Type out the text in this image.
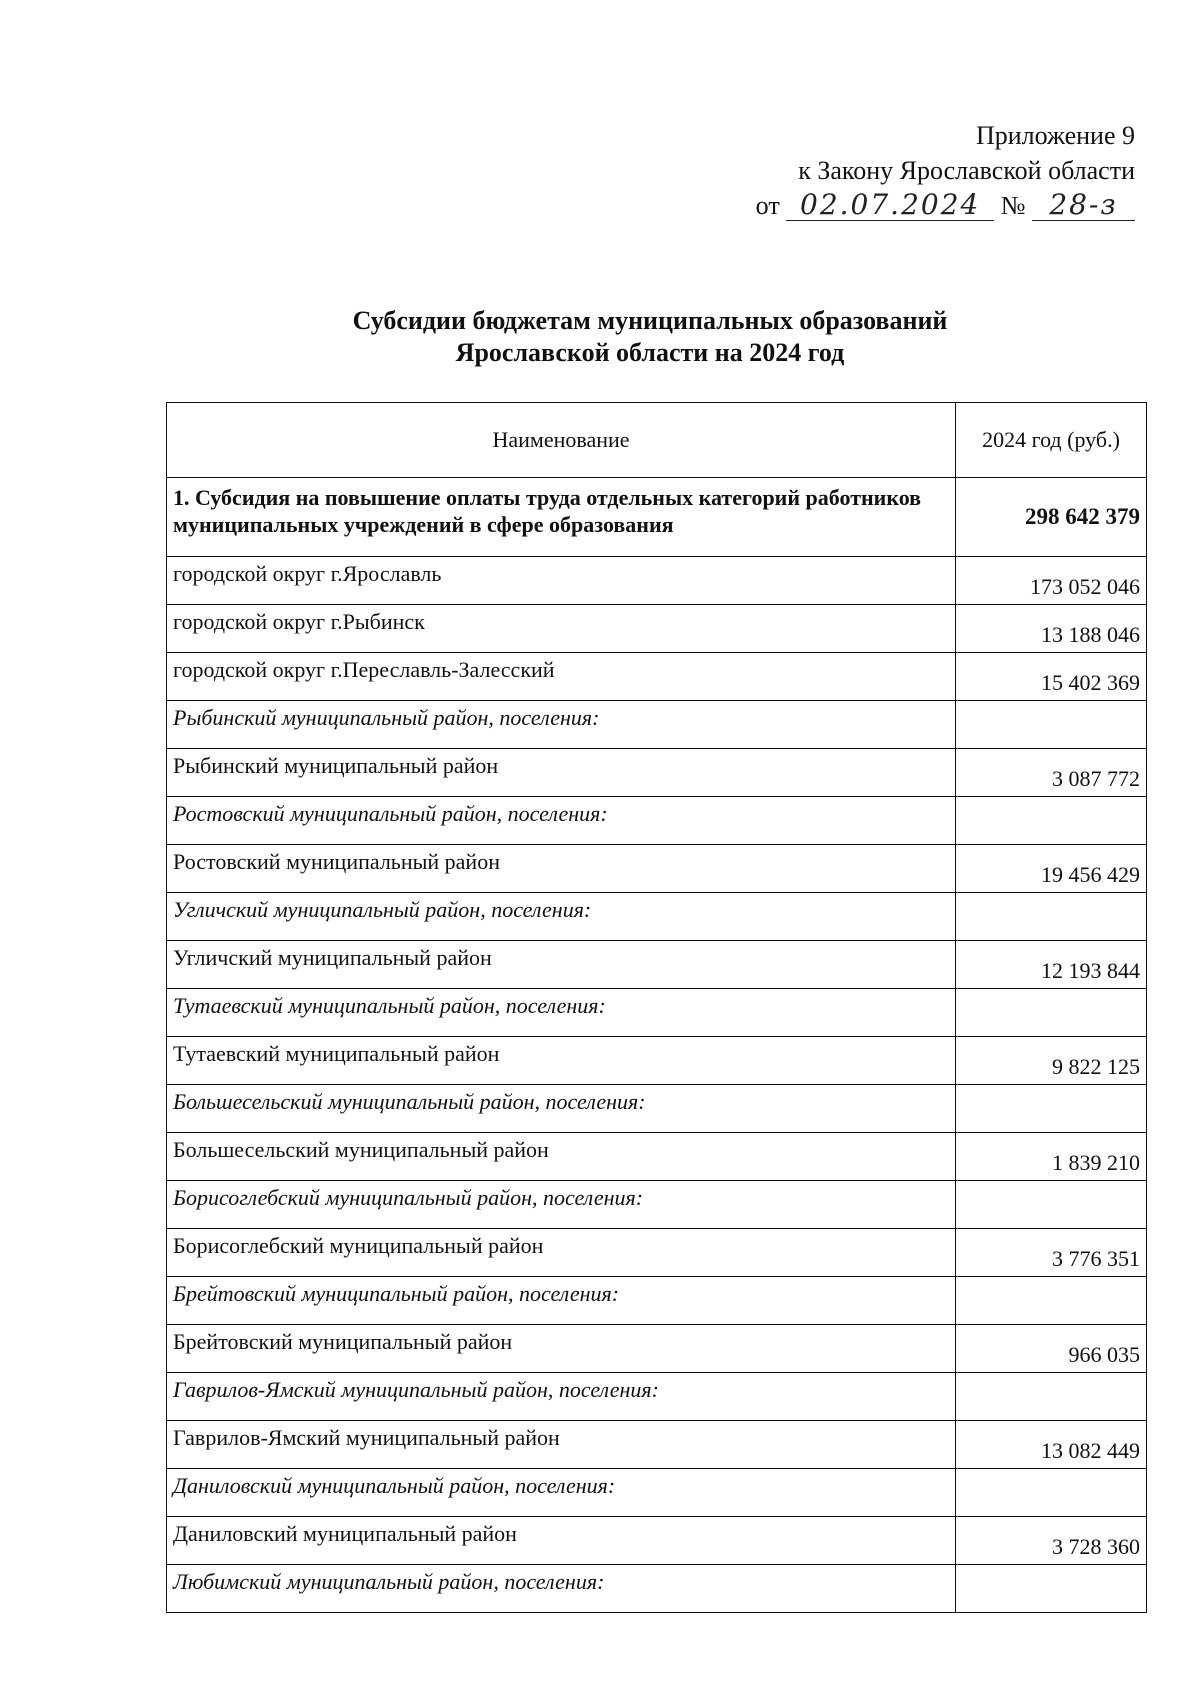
Приложение 9
к Закону Ярославской области
от 02.07.2024 № 28-з
Субсидии бюджетам муниципальных образований
Ярославской области на 2024 год
Наименование	2024 год (руб.)
1. Субсидия на повышение оплаты труда отдельных категорий работников муниципальных учреждений в сфере образования	298 642 379
городской округ г.Ярославль	173 052 046
городской округ г.Рыбинск	13 188 046
городской округ г.Переславль-Залесский	15 402 369
Рыбинский муниципальный район, поселения:	
Рыбинский муниципальный район	3 087 772
Ростовский муниципальный район, поселения:	
Ростовский муниципальный район	19 456 429
Угличский муниципальный район, поселения:	
Угличский муниципальный район	12 193 844
Тутаевский муниципальный район, поселения:	
Тутаевский муниципальный район	9 822 125
Большесельский муниципальный район, поселения:	
Большесельский муниципальный район	1 839 210
Борисоглебский муниципальный район, поселения:	
Борисоглебский муниципальный район	3 776 351
Брейтовский муниципальный район, поселения:	
Брейтовский муниципальный район	966 035
Гаврилов-Ямский муниципальный район, поселения:	
Гаврилов-Ямский муниципальный район	13 082 449
Даниловский муниципальный район, поселения:	
Даниловский муниципальный район	3 728 360
Любимский муниципальный район, поселения:	
